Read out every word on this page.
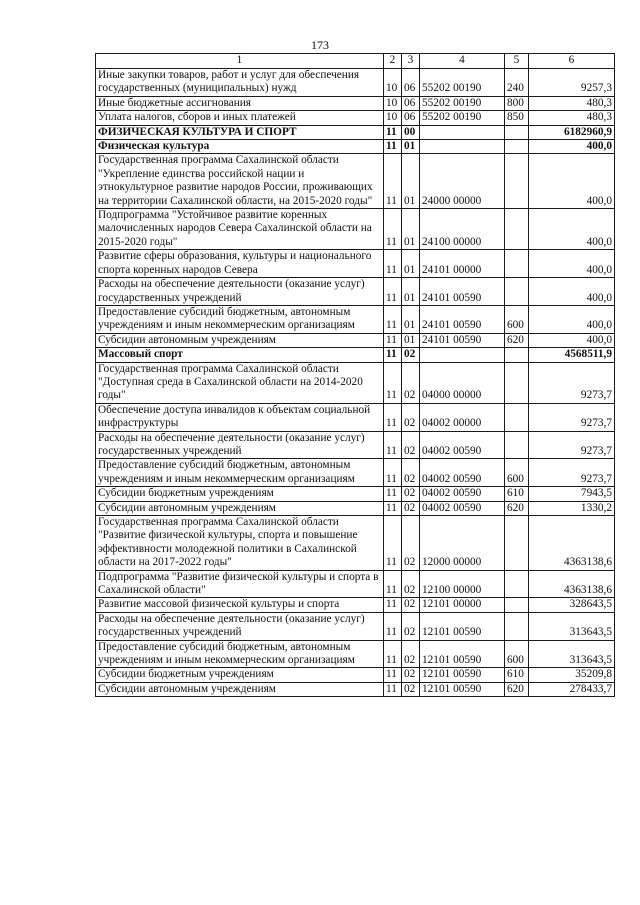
173
1	2	3	4	5	6
Иные закупки товаров, работ и услуг для обеспечения государственных (муниципальных) нужд	10	06	55202 00190	240	9257,3
Иные бюджетные ассигнования	10	06	55202 00190	800	480,3
Уплата налогов, сборов и иных платежей	10	06	55202 00190	850	480,3
ФИЗИЧЕСКАЯ КУЛЬТУРА И СПОРТ	11	00			6182960,9
Физическая культура	11	01			400,0
Государственная программа Сахалинской области "Укрепление единства российской нации и этнокультурное развитие народов России, проживающих на территории Сахалинской области, на 2015-2020 годы"	11	01	24000 00000		400,0
Подпрограмма "Устойчивое развитие коренных малочисленных народов Севера Сахалинской области на 2015-2020 годы"	11	01	24100 00000		400,0
Развитие сферы образования, культуры и национального спорта коренных народов Севера	11	01	24101 00000		400,0
Расходы на обеспечение деятельности (оказание услуг) государственных учреждений	11	01	24101 00590		400,0
Предоставление субсидий бюджетным, автономным учреждениям и иным некоммерческим организациям	11	01	24101 00590	600	400,0
Субсидии автономным учреждениям	11	01	24101 00590	620	400,0
Массовый спорт	11	02			4568511,9
Государственная программа Сахалинской области "Доступная среда в Сахалинской области на 2014-2020 годы"	11	02	04000 00000		9273,7
Обеспечение доступа инвалидов к объектам социальной инфраструктуры	11	02	04002 00000		9273,7
Расходы на обеспечение деятельности (оказание услуг) государственных учреждений	11	02	04002 00590		9273,7
Предоставление субсидий бюджетным, автономным учреждениям и иным некоммерческим организациям	11	02	04002 00590	600	9273,7
Субсидии бюджетным учреждениям	11	02	04002 00590	610	7943,5
Субсидии автономным учреждениям	11	02	04002 00590	620	1330,2
Государственная программа Сахалинской области "Развитие физической культуры, спорта и повышение эффективности молодежной политики в Сахалинской области на 2017-2022 годы"	11	02	12000 00000		4363138,6
Подпрограмма "Развитие физической культуры и спорта в Сахалинской области"	11	02	12100 00000		4363138,6
Развитие массовой физической культуры и спорта	11	02	12101 00000		328643,5
Расходы на обеспечение деятельности (оказание услуг) государственных учреждений	11	02	12101 00590		313643,5
Предоставление субсидий бюджетным, автономным учреждениям и иным некоммерческим организациям	11	02	12101 00590	600	313643,5
Субсидии бюджетным учреждениям	11	02	12101 00590	610	35209,8
Субсидии автономным учреждениям	11	02	12101 00590	620	278433,7
